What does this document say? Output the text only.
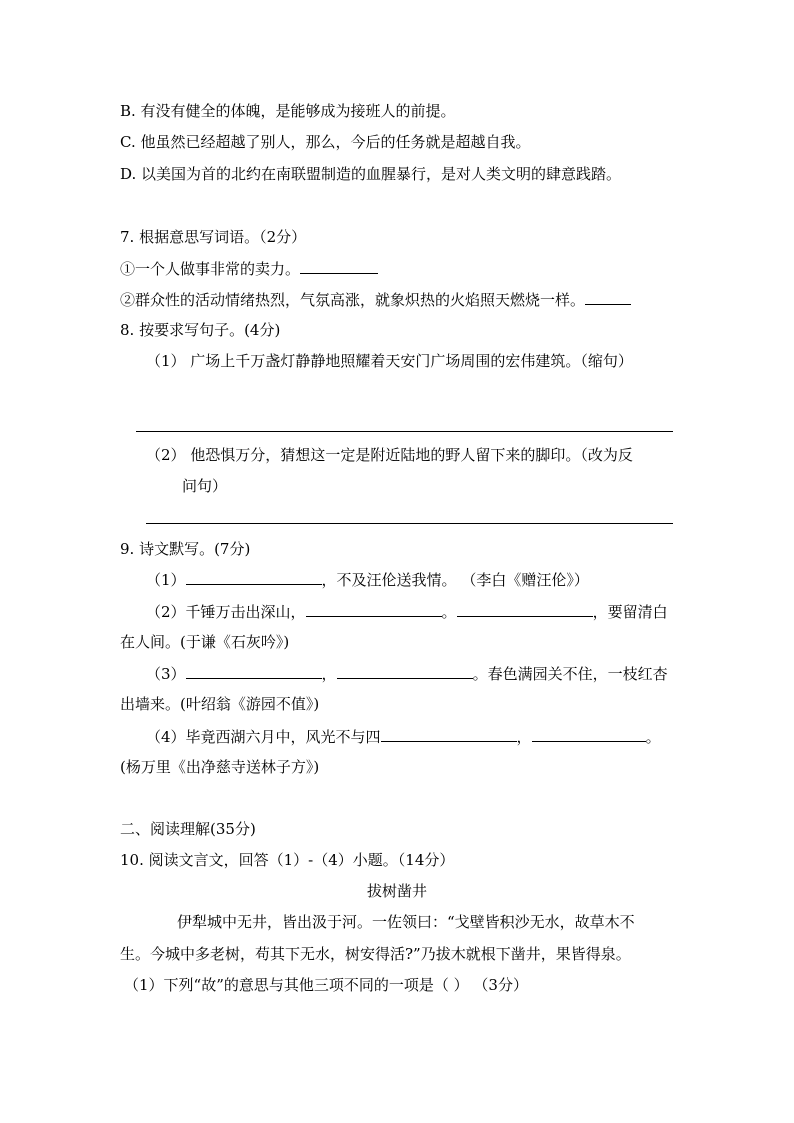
B. 有没有健全的体魄，是能够成为接班人的前提。
C. 他虽然已经超越了别人，那么，今后的任务就是超越自我。
D. 以美国为首的北约在南联盟制造的血腥暴行，是对人类文明的肆意践踏。
7. 根据意思写词语。（2分）
①一个人做事非常的卖力。
②群众性的活动情绪热烈，气氛高涨，就象炽热的火焰照天燃烧一样。
8. 按要求写句子。(4分)
（1） 广场上千万盏灯静静地照耀着天安门广场周围的宏伟建筑。（缩句）
（2） 他恐惧万分，猜想这一定是附近陆地的野人留下来的脚印。（改为反
问句）
9. 诗文默写。(7分)
（1）	，不及汪伦送我情。 （李白《赠汪伦》）
（2）千锤万击出深山，	。	，要留清白
在人间。(于谦《石灰吟》)
（3）	，	。春色满园关不住，一枝红杏
出墙来。(叶绍翁《游园不值》)
（4）毕竟西湖六月中，风光不与四	，	。
(杨万里《出净慈寺送林子方》)
二、阅读理解(35分)
10. 阅读文言文，回答（1）-（4）小题。（14分）
拔树凿井
伊犁城中无井，皆出汲于河。一佐领曰：“戈壁皆积沙无水，故草木不
生。今城中多老树，苟其下无水，树安得活?”乃拔木就根下凿井，果皆得泉。
（1）下列“故”的意思与其他三项不同的一项是（ ） （3分）
